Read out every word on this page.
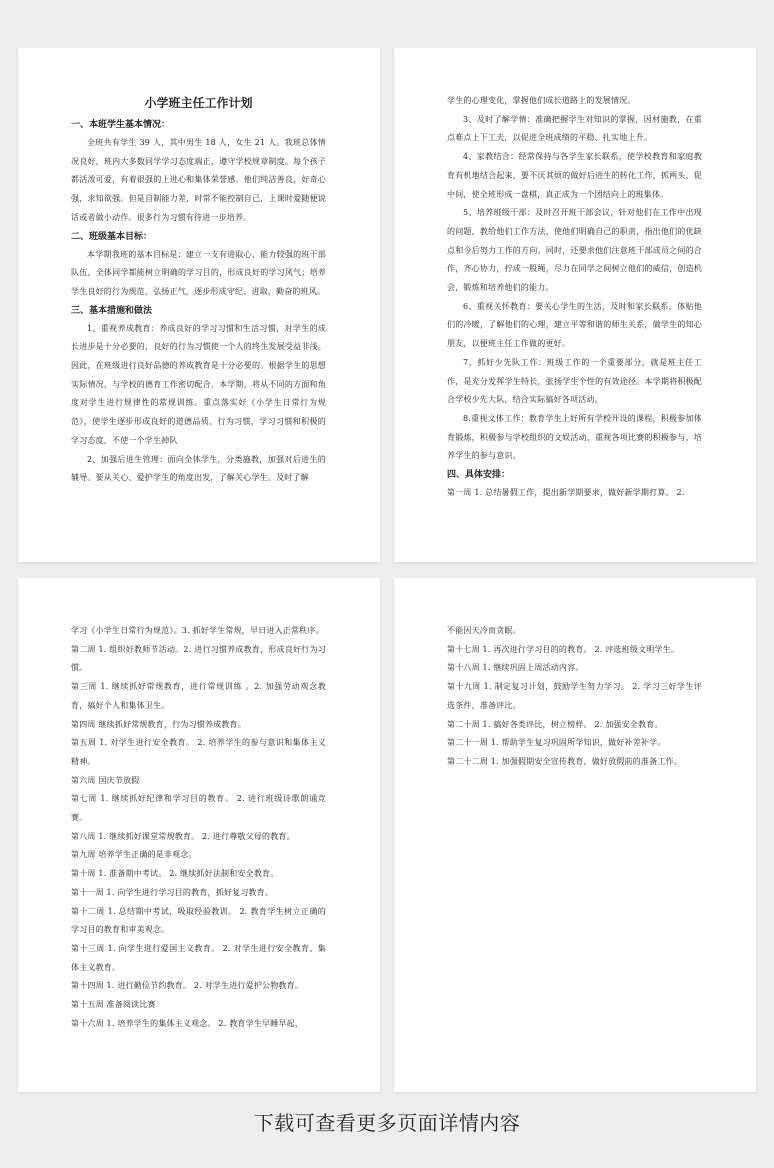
小学班主任工作计划
一、本班学生基本情况：
全班共有学生 39 人，其中男生 18 人，女生 21 人。我班总体情况良好，班内大多数同学学习态度端正，遵守学校规章制度。每个孩子都活泼可爱，有着很强的上进心和集体荣誉感。他们纯洁善良，好奇心强，求知欲强。但是自制能力差，时常不能控制自己，上课时爱随便说话或者做小动作。很多行为习惯有待进一步培养。
二、班级基本目标：
本学期我班的基本目标是：建立一支有进取心、能力较强的班干部队伍，全体同学都能树立明确的学习目的，形成良好的学习风气；培养学生良好的行为规范，弘扬正气，逐步形成守纪、进取、勤奋的班风。
三、基本措施和做法
1、重视养成教育：养成良好的学习习惯和生活习惯，对学生的成长进步是十分必要的，良好的行为习惯使一个人的终生发展受益非浅。因此，在班级进行良好品德的养成教育是十分必要的。根据学生的思想实际情况，与学校的德育工作密切配合，本学期，将从不同的方面和角度对学生进行规律性的常规训练。重点落实好《小学生日常行为规范》，使学生逐步形成良好的道德品质、行为习惯，学习习惯和积极的学习态度，不使一个学生掉队
2、加强后进生管理：面向全体学生，分类施教，加强对后进生的辅导。要从关心、爱护学生的角度出发，了解关心学生。及时了解
学生的心理变化，掌握他们成长道路上的发展情况。
3、及时了解学情：准确把握学生对知识的掌握，因材施教，在重点难点上下工夫，以促进全班成绩的平稳、扎实地上升。
4、家教结合：经常保持与各学生家长联系，使学校教育和家庭教育有机地结合起来，要不厌其烦的做好后进生的转化工作，抓两头，促中间，使全班形成一盘棋，真正成为一个团结向上的班集体。
5、培养班级干部：及时召开班干部会议，针对他们在工作中出现的问题，教给他们工作方法，使他们明确自己的职责，指出他们的优缺点和今后努力工作的方向。同时，还要求他们注意班干部成员之间的合作，齐心协力，拧成一股绳，尽力在同学之间树立他们的威信，创造机会，锻炼和培养他们的能力。
6、重视关怀教育：要关心学生的生活，及时和家长联系，体贴他们的冷暖，了解他们的心理，建立平等和谐的师生关系，做学生的知心朋友，以便班主任工作做的更好。
7、抓好少先队工作：班级工作的一个重要部分，就是班主任工作，是充分发挥学生特长，张扬学生个性的有效途径。本学期将积极配合学校少先大队，结合实际搞好各项活动。
8.重视文体工作：教育学生上好所有学校开设的课程，积极参加体育锻炼，积极参与学校组织的文娱活动，重视各项比赛的积极参与，培养学生的参与意识。
四、具体安排：
第一周 1. 总结暑假工作，提出新学期要求，做好新学期打算。 2.
学习《小学生日常行为规范》。3. 抓好学生常规，早日进入正常秩序。
第二周 1. 组织好教师节活动。2. 进行习惯养成教育，形成良好行为习惯。
第三周 1. 继续抓好常规教育，进行常规训练 。2. 加强劳动观念教育，搞好个人和集体卫生。
第四周 继续抓好常规教育，行为习惯养成教育。
第五周 1. 对学生进行安全教育。 2. 培养学生的参与意识和集体主义精神。
第六周 国庆节放假
第七周 1. 继续抓好纪律和学习目的教育。 2. 进行班级诗歌朗诵竞赛。
第八周 1. 继续抓好课堂常规教育。 2. 进行尊敬父母的教育。
第九周 培养学生正确的是非观念。
第十周 1. 准备期中考试。 2. 继续抓好法制和安全教育。
第十一周 1. 向学生进行学习目的教育，抓好复习教育。
第十二周 1. 总结期中考试，吸取经验教训。 2. 教育学生树立正确的学习目的教育和审美观念。
第十三周 1. 向学生进行爱国主义教育。 2. 对学生进行安全教育、集体主义教育。
第十四周 1. 进行勤俭节约教育。 2. 对学生进行爱护公物教育。
第十五周 准备阅读比赛
第十六周 1. 培养学生的集体主义观念。 2. 教育学生早睡早起，
不能因天冷而贪眠。
第十七周 1. 再次进行学习目的的教育。 2. 评选班级文明学生。
第十八周 1. 继续巩固上周活动内容。
第十九周 1. 制定复习计划，鼓励学生努力学习。 2. 学习三好学生评选条件，准备评比。
第二十周 1. 搞好各类评比，树立榜样。 2. 加强安全教育。
第二十一周 1. 帮助学生复习巩固所学知识，做好补差补学。
第二十二周 1. 加强假期安全宣传教育，做好放假前的准备工作。
下载可查看更多页面详情内容
